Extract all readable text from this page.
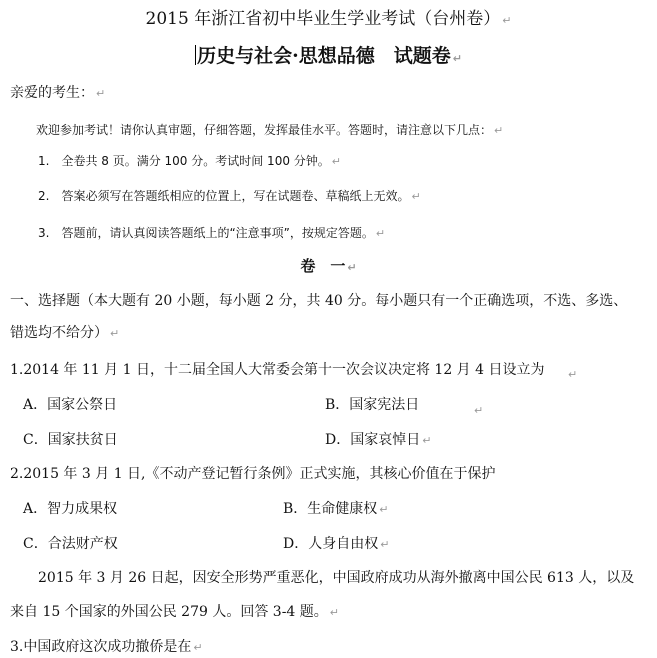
2015 年浙江省初中毕业生学业考试（台州卷） ↵
历史与社会·思想品德　试题卷 ↵
亲爱的考生： ↵
欢迎参加考试！请你认真审题，仔细答题，发挥最佳水平。答题时，请注意以下几点： ↵
1.　全卷共 8 页。满分 100 分。考试时间 100 分钟。 ↵
2.　答案必须写在答题纸相应的位置上，写在试题卷、草稿纸上无效。 ↵
3.　答题前，请认真阅读答题纸上的“注意事项”，按规定答题。 ↵
卷　一 ↵
一、选择题（本大题有 20 小题，每小题 2 分，共 40 分。每小题只有一个正确选项，不选、多选、
错选均不给分） ↵
1.2014 年 11 月 1 日，十二届全国人大常委会第十一次会议决定将 12 月 4 日设立为 ↵
A．国家公祭日	B．国家宪法日	↵
C．国家扶贫日	D．国家哀悼日 ↵
2.2015 年 3 月 1 日,《不动产登记暂行条例》正式实施，其核心价值在于保护
A．智力成果权	B．生命健康权 ↵
C．合法财产权	D．人身自由权 ↵
2015 年 3 月 26 日起，因安全形势严重恶化，中国政府成功从海外撤离中国公民 613 人，以及
来自 15 个国家的外国公民 279 人。回答 3-4 题。 ↵
3.中国政府这次成功撤侨是在 ↵
